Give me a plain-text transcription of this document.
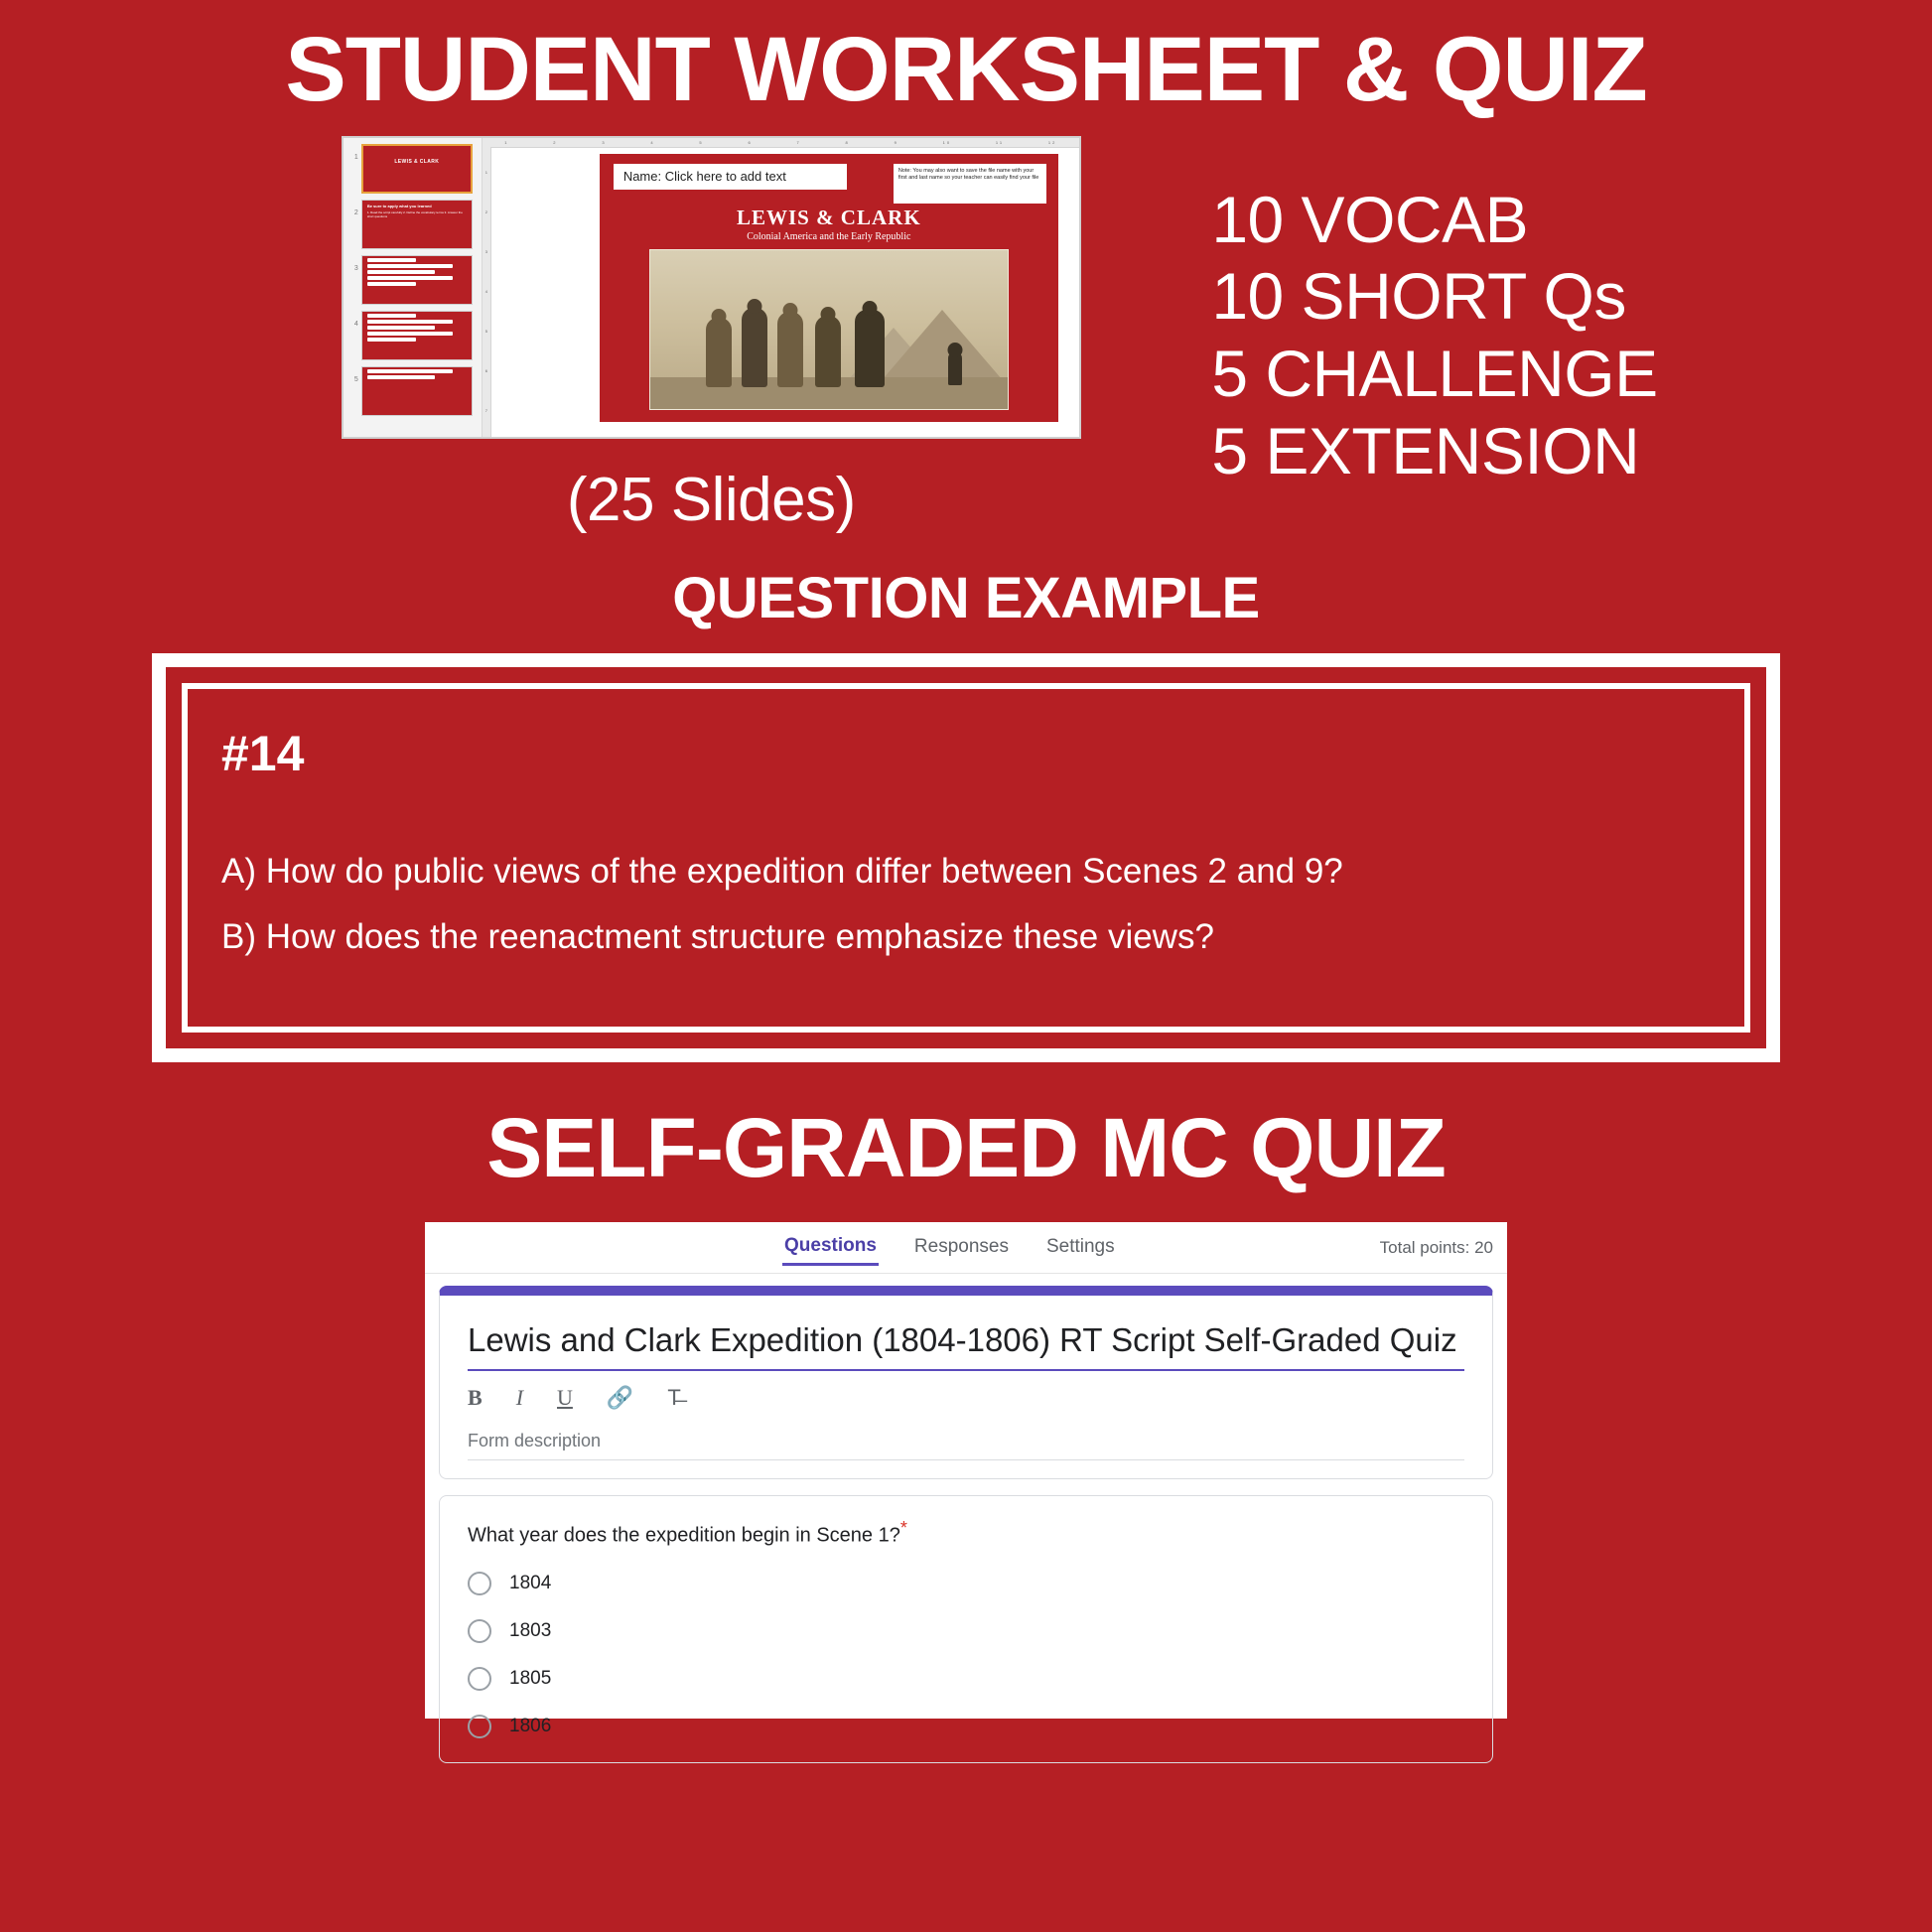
STUDENT WORKSHEET & QUIZ
1
LEWIS & CLARK
2
Be sure to apply what you learned
1. Read the script carefully 2. Define the vocabulary terms 3. Answer the short questions
3
4
5
1	2	3	4	5	6	7	8	9	10	11	12
1
2
3
4
5
6
7
Name: Click here to add text	Note: You may also want to save the file name with your first and last name so your teacher can easily find your file
LEWIS & CLARK
Colonial America and the Early Republic
(25 Slides)
10 VOCAB
10 SHORT Qs
5 CHALLENGE
5 EXTENSION
QUESTION EXAMPLE
#14
A) How do public views of the expedition differ between Scenes 2 and 9?
B) How does the reenactment structure emphasize these views?
SELF-GRADED MC QUIZ
Questions Responses Settings	Total points: 20
Lewis and Clark Expedition (1804-1806) RT Script Self-Graded Quiz
B I U 🔗 T̶
Form description
What year does the expedition begin in Scene 1?*
1804
1803
1805
1806
